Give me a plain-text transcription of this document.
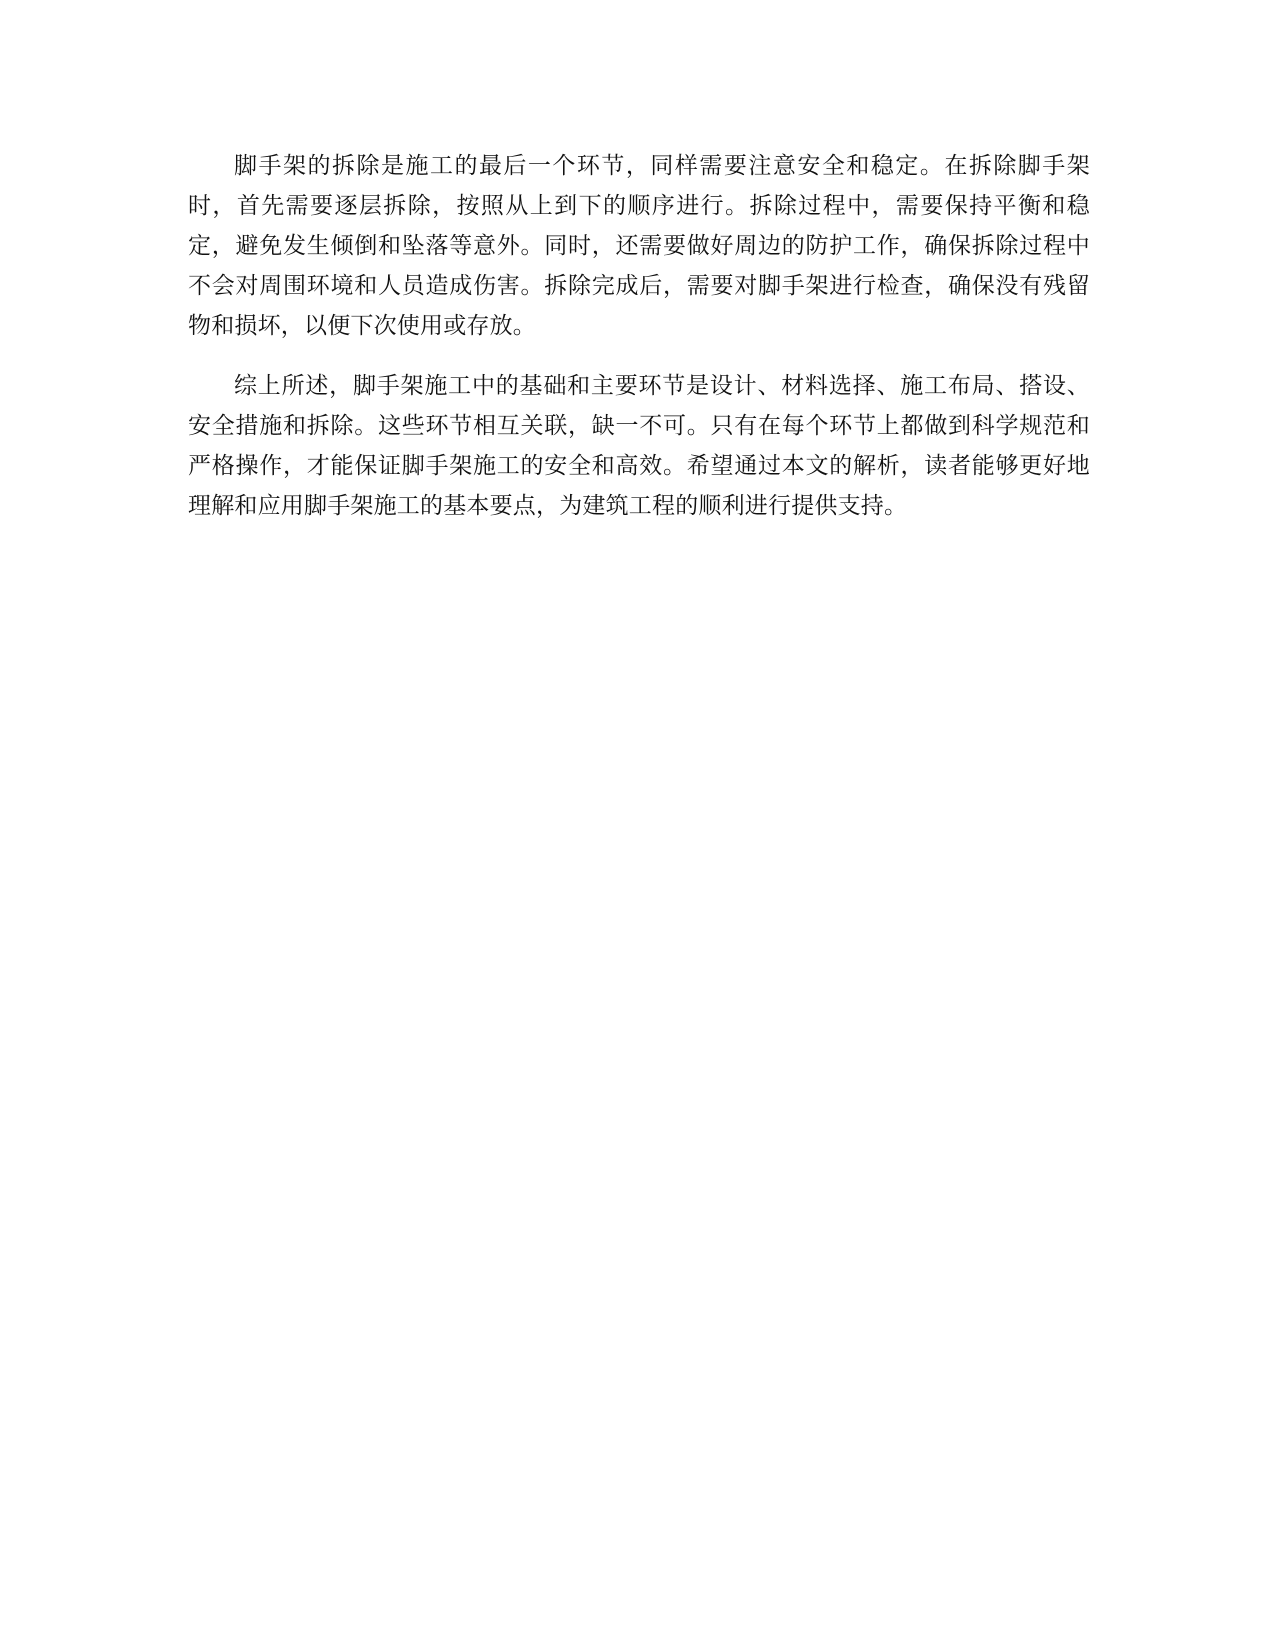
脚手架的拆除是施工的最后一个环节，同样需要注意安全和稳定。在拆除脚手架时，首先需要逐层拆除，按照从上到下的顺序进行。拆除过程中，需要保持平衡和稳定，避免发生倾倒和坠落等意外。同时，还需要做好周边的防护工作，确保拆除过程中不会对周围环境和人员造成伤害。拆除完成后，需要对脚手架进行检查，确保没有残留物和损坏，以便下次使用或存放。

综上所述，脚手架施工中的基础和主要环节是设计、材料选择、施工布局、搭设、安全措施和拆除。这些环节相互关联，缺一不可。只有在每个环节上都做到科学规范和严格操作，才能保证脚手架施工的安全和高效。希望通过本文的解析，读者能够更好地理解和应用脚手架施工的基本要点，为建筑工程的顺利进行提供支持。
